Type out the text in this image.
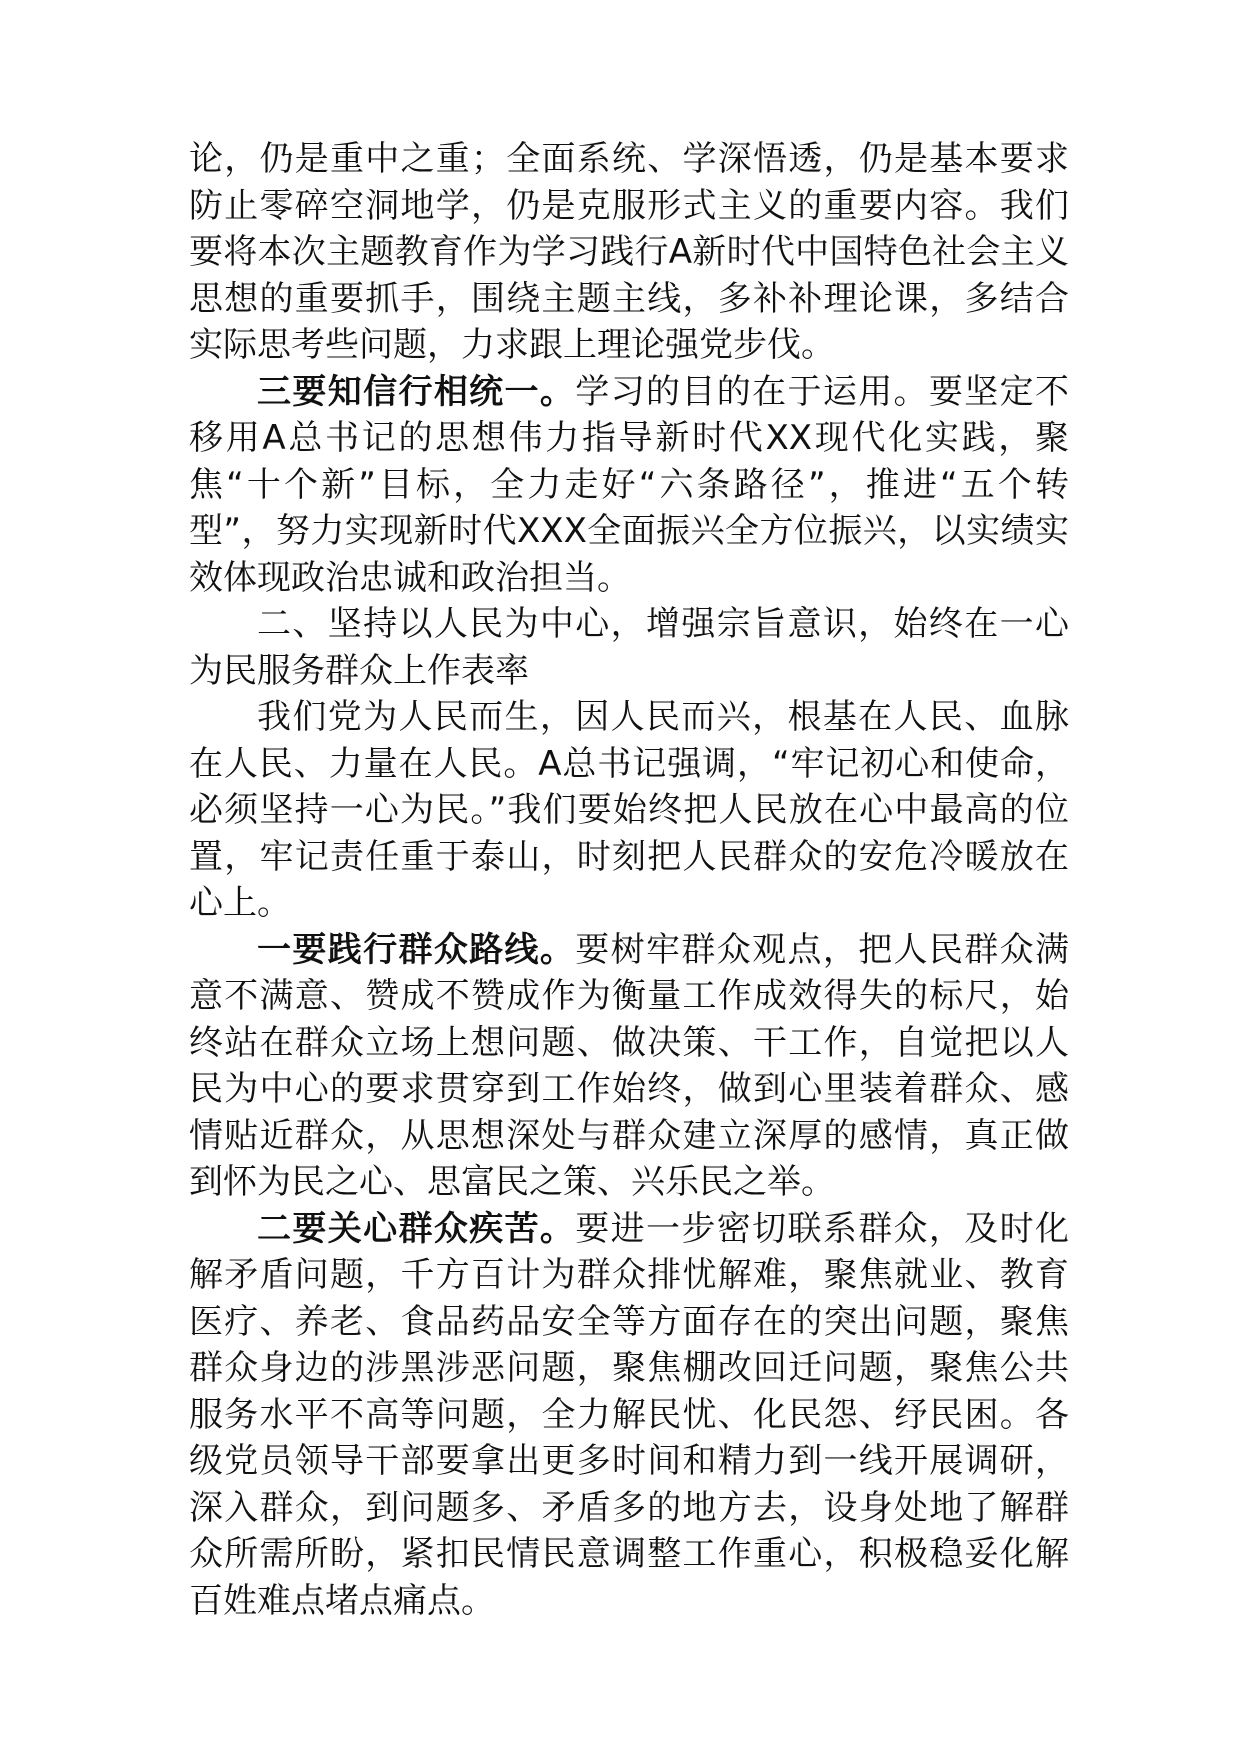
论，仍是重中之重；全面系统、学深悟透，仍是基本要求防止零碎空洞地学，仍是克服形式主义的重要内容。我们要将本次主题教育作为学习践行A新时代中国特色社会主义思想的重要抓手，围绕主题主线，多补补理论课，多结合实际思考些问题，力求跟上理论强党步伐。

三要知信行相统一。学习的目的在于运用。要坚定不移用A总书记的思想伟力指导新时代XX现代化实践，聚焦“十个新”目标，全力走好“六条路径”，推进“五个转型”，努力实现新时代XXX全面振兴全方位振兴，以实绩实效体现政治忠诚和政治担当。

二、坚持以人民为中心，增强宗旨意识，始终在一心为民服务群众上作表率

我们党为人民而生，因人民而兴，根基在人民、血脉在人民、力量在人民。A总书记强调，“牢记初心和使命，必须坚持一心为民。”我们要始终把人民放在心中最高的位置，牢记责任重于泰山，时刻把人民群众的安危冷暖放在心上。

一要践行群众路线。要树牢群众观点，把人民群众满意不满意、赞成不赞成作为衡量工作成效得失的标尺，始终站在群众立场上想问题、做决策、干工作，自觉把以人民为中心的要求贯穿到工作始终，做到心里装着群众、感情贴近群众，从思想深处与群众建立深厚的感情，真正做到怀为民之心、思富民之策、兴乐民之举。

二要关心群众疾苦。要进一步密切联系群众，及时化解矛盾问题，千方百计为群众排忧解难，聚焦就业、教育医疗、养老、食品药品安全等方面存在的突出问题，聚焦群众身边的涉黑涉恶问题，聚焦棚改回迁问题，聚焦公共服务水平不高等问题，全力解民忧、化民怨、纾民困。各级党员领导干部要拿出更多时间和精力到一线开展调研，深入群众，到问题多、矛盾多的地方去，设身处地了解群众所需所盼，紧扣民情民意调整工作重心，积极稳妥化解百姓难点堵点痛点。
